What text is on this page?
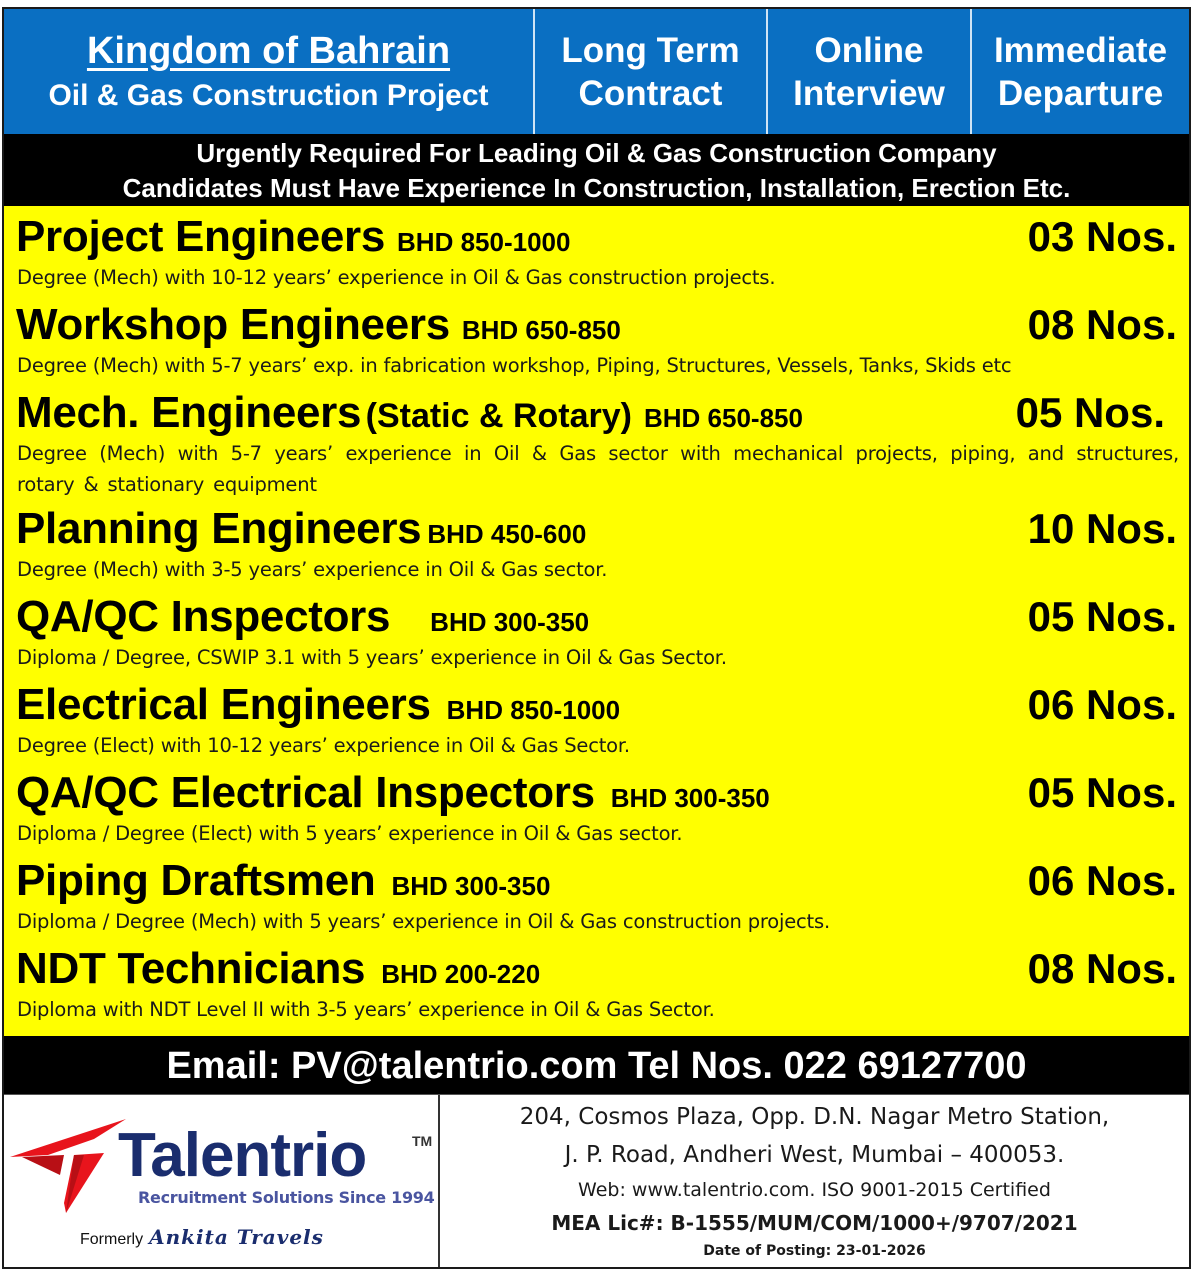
Kingdom of Bahrain
Oil & Gas Construction Project
Long Term
Contract
Online
Interview
Immediate
Departure
Urgently Required For Leading Oil & Gas Construction Company
Candidates Must Have Experience In Construction, Installation, Erection Etc.
Project Engineers BHD 850-1000	03 Nos.
Degree (Mech) with 10-12 years’ experience in Oil & Gas construction projects.
Workshop Engineers BHD 650-850	08 Nos.
Degree (Mech) with 5-7 years’ exp. in fabrication workshop, Piping, Structures, Vessels, Tanks, Skids etc
Mech. Engineers (Static & Rotary) BHD 650-850	05 Nos.
Degree (Mech) with 5-7 years’ experience in Oil & Gas sector with mechanical projects, piping, and structures, rotary & stationary equipment
Planning Engineers BHD 450-600	10 Nos.
Degree (Mech) with 3-5 years’ experience in Oil & Gas sector.
QA/QC Inspectors BHD 300-350	05 Nos.
Diploma / Degree, CSWIP 3.1 with 5 years’ experience in Oil & Gas Sector.
Electrical Engineers BHD 850-1000	06 Nos.
Degree (Elect) with 10-12 years’ experience in Oil & Gas Sector.
QA/QC Electrical Inspectors BHD 300-350	05 Nos.
Diploma / Degree (Elect) with 5 years’ experience in Oil & Gas sector.
Piping Draftsmen BHD 300-350	06 Nos.
Diploma / Degree (Mech) with 5 years’ experience in Oil & Gas construction projects.
NDT Technicians BHD 200-220	08 Nos.
Diploma with NDT Level II with 3-5 years’ experience in Oil & Gas Sector.
Email: PV@talentrio.com Tel Nos. 022 69127700
Talentrio	TM
Recruitment Solutions Since 1994
Formerly Ankita Travels
204, Cosmos Plaza, Opp. D.N. Nagar Metro Station,
J. P. Road, Andheri West, Mumbai – 400053.
Web: www.talentrio.com. ISO 9001-2015 Certified
MEA Lic#: B-1555/MUM/COM/1000+/9707/2021
Date of Posting: 23-01-2026
